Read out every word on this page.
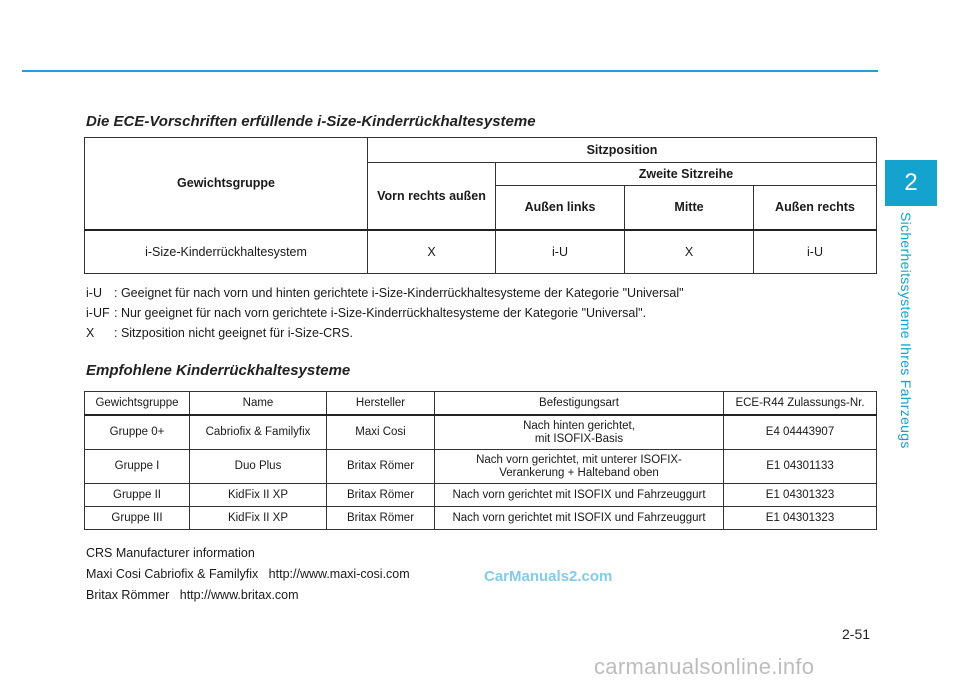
2
Sicherheitssysteme Ihres Fahrzeugs
Die ECE-Vorschriften erfüllende i-Size-Kinderrückhaltesysteme
Gewichtsgruppe	Sitzposition			
	Vorn rechts außen	Zweite Sitzreihe		
		Außen links	Mitte	Außen rechts
i-Size-Kinderrückhaltesystem	X	i-U	X	i-U
i-U : Geeignet für nach vorn und hinten gerichtete i-Size-Kinderrückhaltesysteme der Kategorie "Universal"
i-UF : Nur geeignet für nach vorn gerichtete i-Size-Kinderrückhaltesysteme der Kategorie "Universal".
X : Sitzposition nicht geeignet für i-Size-CRS.
Empfohlene Kinderrückhaltesysteme
Gewichtsgruppe	Name	Hersteller	Befestigungsart	ECE-R44 Zulassungs-Nr.
Gruppe 0+	Cabriofix & Familyfix	Maxi Cosi	Nach hinten gerichtet,
mit ISOFIX-Basis	E4 04443907
Gruppe I	Duo Plus	Britax Römer	Nach vorn gerichtet, mit unterer ISOFIX-
Verankerung + Halteband oben	E1 04301133
Gruppe II	KidFix II XP	Britax Römer	Nach vorn gerichtet mit ISOFIX und Fahrzeuggurt	E1 04301323
Gruppe III	KidFix II XP	Britax Römer	Nach vorn gerichtet mit ISOFIX und Fahrzeuggurt	E1 04301323
CRS Manufacturer information
Maxi Cosi Cabriofix & Familyfix   http://www.maxi-cosi.com
Britax Römmer   http://www.britax.com
CarManuals2.com
2-51
carmanualsonline.info
